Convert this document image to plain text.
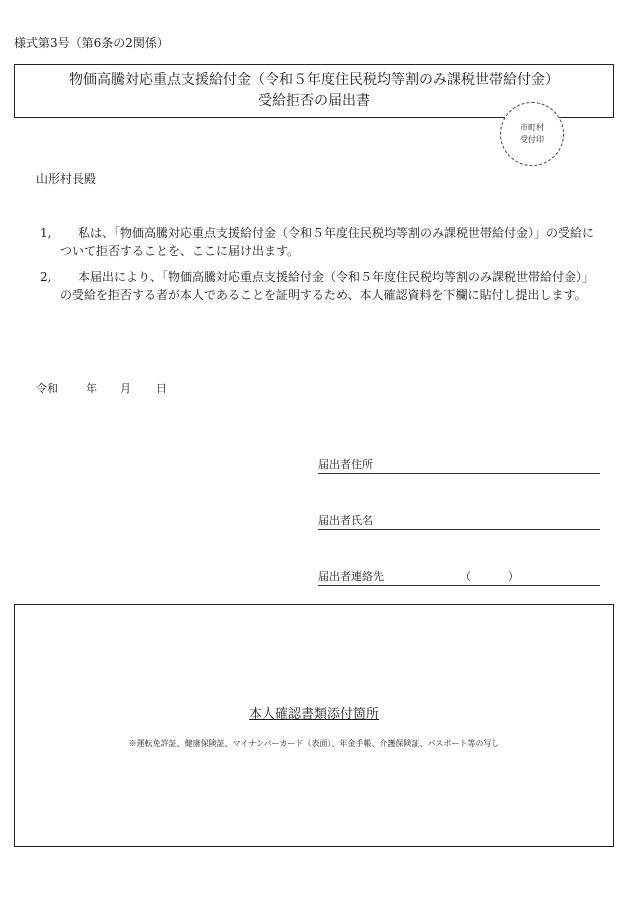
様式第3号（第6条の2関係）
物価高騰対応重点支援給付金（令和５年度住民税均等割のみ課税世帯給付金）
受給拒否の届出書
市町村
受付印
山形村長殿
1,	私は、「物価高騰対応重点支援給付金（令和５年度住民税均等割のみ課税世帯給付金）」の受給について拒否することを、ここに届け出ます。
2,	本届出により、「物価高騰対応重点支援給付金（令和５年度住民税均等割のみ課税世帯給付金）」の受給を拒否する者が本人であることを証明するため、本人確認資料を下欄に貼付し提出します。
令和	年 月 日
届出者住所
届出者氏名
届出者連絡先	（	）
本人確認書類添付箇所
※運転免許証、健康保険証、マイナンバーカード（表面）、年金手帳、介護保険証、パスポート等の写し
